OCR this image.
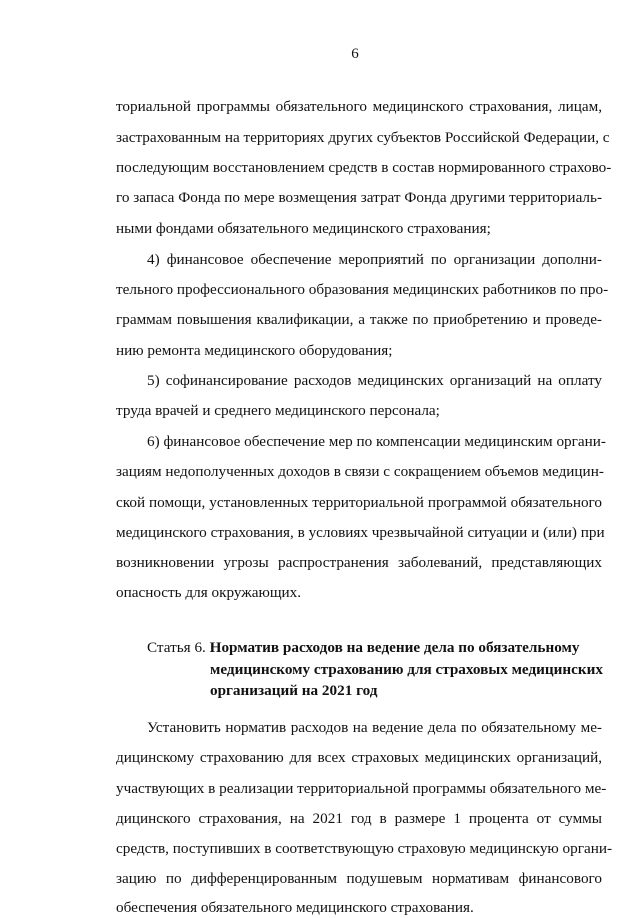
6
ториальной программы обязательного медицинского страхования, лицам,
застрахованным на территориях других субъектов Российской Федерации, с
последующим восстановлением средств в состав нормированного страхово-
го запаса Фонда по мере возмещения затрат Фонда другими территориаль-
ными фондами обязательного медицинского страхования;
4) финансовое обеспечение мероприятий по организации дополни-
тельного профессионального образования медицинских работников по про-
граммам повышения квалификации, а также по приобретению и проведе-
нию ремонта медицинского оборудования;
5) софинансирование расходов медицинских организаций на оплату
труда врачей и среднего медицинского персонала;
6) финансовое обеспечение мер по компенсации медицинским органи-
зациям недополученных доходов в связи с сокращением объемов медицин-
ской помощи, установленных территориальной программой обязательного
медицинского страхования, в условиях чрезвычайной ситуации и (или) при
возникновении угрозы распространения заболеваний, представляющих
опасность для окружающих.
Статья 6. Норматив расходов на ведение дела по обязательному
медицинскому страхованию для страховых медицинских
организаций на 2021 год
Установить норматив расходов на ведение дела по обязательному ме-
дицинскому страхованию для всех страховых медицинских организаций,
участвующих в реализации территориальной программы обязательного ме-
дицинского страхования, на 2021 год в размере 1 процента от суммы
средств, поступивших в соответствующую страховую медицинскую органи-
зацию по дифференцированным подушевым нормативам финансового
обеспечения обязательного медицинского страхования.
